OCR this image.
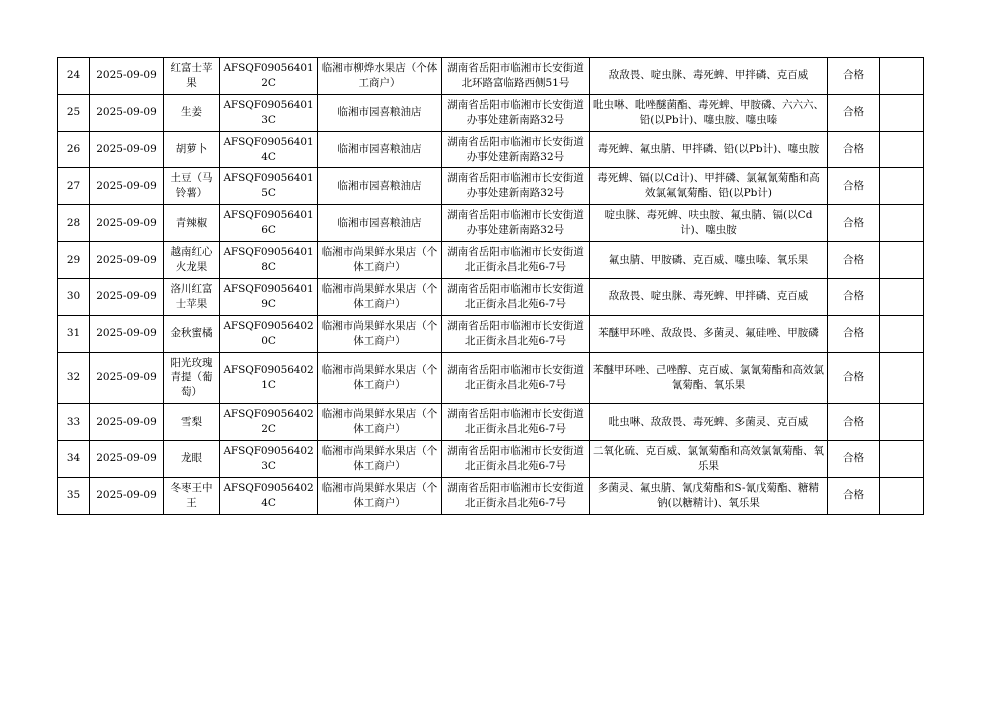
24	2025-09-09	红富士苹果	AFSQF090564012C	临湘市柳烨水果店（个体工商户）	湖南省岳阳市临湘市长安街道北环路富临路西侧51号	敌敌畏、啶虫脒、毒死蜱、甲拌磷、克百威	合格	
25	2025-09-09	生姜	AFSQF090564013C	临湘市园喜粮油店	湖南省岳阳市临湘市长安街道办事处建新南路32号	吡虫啉、吡唑醚菌酯、毒死蜱、甲胺磷、六六六、铅(以Pb计)、噻虫胺、噻虫嗪	合格	
26	2025-09-09	胡萝卜	AFSQF090564014C	临湘市园喜粮油店	湖南省岳阳市临湘市长安街道办事处建新南路32号	毒死蜱、氟虫腈、甲拌磷、铅(以Pb计)、噻虫胺	合格	
27	2025-09-09	土豆（马铃薯）	AFSQF090564015C	临湘市园喜粮油店	湖南省岳阳市临湘市长安街道办事处建新南路32号	毒死蜱、镉(以Cd计)、甲拌磷、氯氟氰菊酯和高效氯氟氰菊酯、铅(以Pb计)	合格	
28	2025-09-09	青辣椒	AFSQF090564016C	临湘市园喜粮油店	湖南省岳阳市临湘市长安街道办事处建新南路32号	啶虫脒、毒死蜱、呋虫胺、氟虫腈、镉(以Cd计)、噻虫胺	合格	
29	2025-09-09	越南红心火龙果	AFSQF090564018C	临湘市尚果鲜水果店（个体工商户）	湖南省岳阳市临湘市长安街道北正街永昌北苑6-7号	氟虫腈、甲胺磷、克百威、噻虫嗪、氧乐果	合格	
30	2025-09-09	洛川红富士苹果	AFSQF090564019C	临湘市尚果鲜水果店（个体工商户）	湖南省岳阳市临湘市长安街道北正街永昌北苑6-7号	敌敌畏、啶虫脒、毒死蜱、甲拌磷、克百威	合格	
31	2025-09-09	金秋蜜橘	AFSQF090564020C	临湘市尚果鲜水果店（个体工商户）	湖南省岳阳市临湘市长安街道北正街永昌北苑6-7号	苯醚甲环唑、敌敌畏、多菌灵、氟硅唑、甲胺磷	合格	
32	2025-09-09	阳光玫瑰青提（葡萄）	AFSQF090564021C	临湘市尚果鲜水果店（个体工商户）	湖南省岳阳市临湘市长安街道北正街永昌北苑6-7号	苯醚甲环唑、己唑醇、克百威、氯氰菊酯和高效氯氰菊酯、氧乐果	合格	
33	2025-09-09	雪梨	AFSQF090564022C	临湘市尚果鲜水果店（个体工商户）	湖南省岳阳市临湘市长安街道北正街永昌北苑6-7号	吡虫啉、敌敌畏、毒死蜱、多菌灵、克百威	合格	
34	2025-09-09	龙眼	AFSQF090564023C	临湘市尚果鲜水果店（个体工商户）	湖南省岳阳市临湘市长安街道北正街永昌北苑6-7号	二氧化硫、克百威、氯氰菊酯和高效氯氰菊酯、氧乐果	合格	
35	2025-09-09	冬枣王中王	AFSQF090564024C	临湘市尚果鲜水果店（个体工商户）	湖南省岳阳市临湘市长安街道北正街永昌北苑6-7号	多菌灵、氟虫腈、氰戊菊酯和S-氰戊菊酯、糖精钠(以糖精计)、氧乐果	合格	
